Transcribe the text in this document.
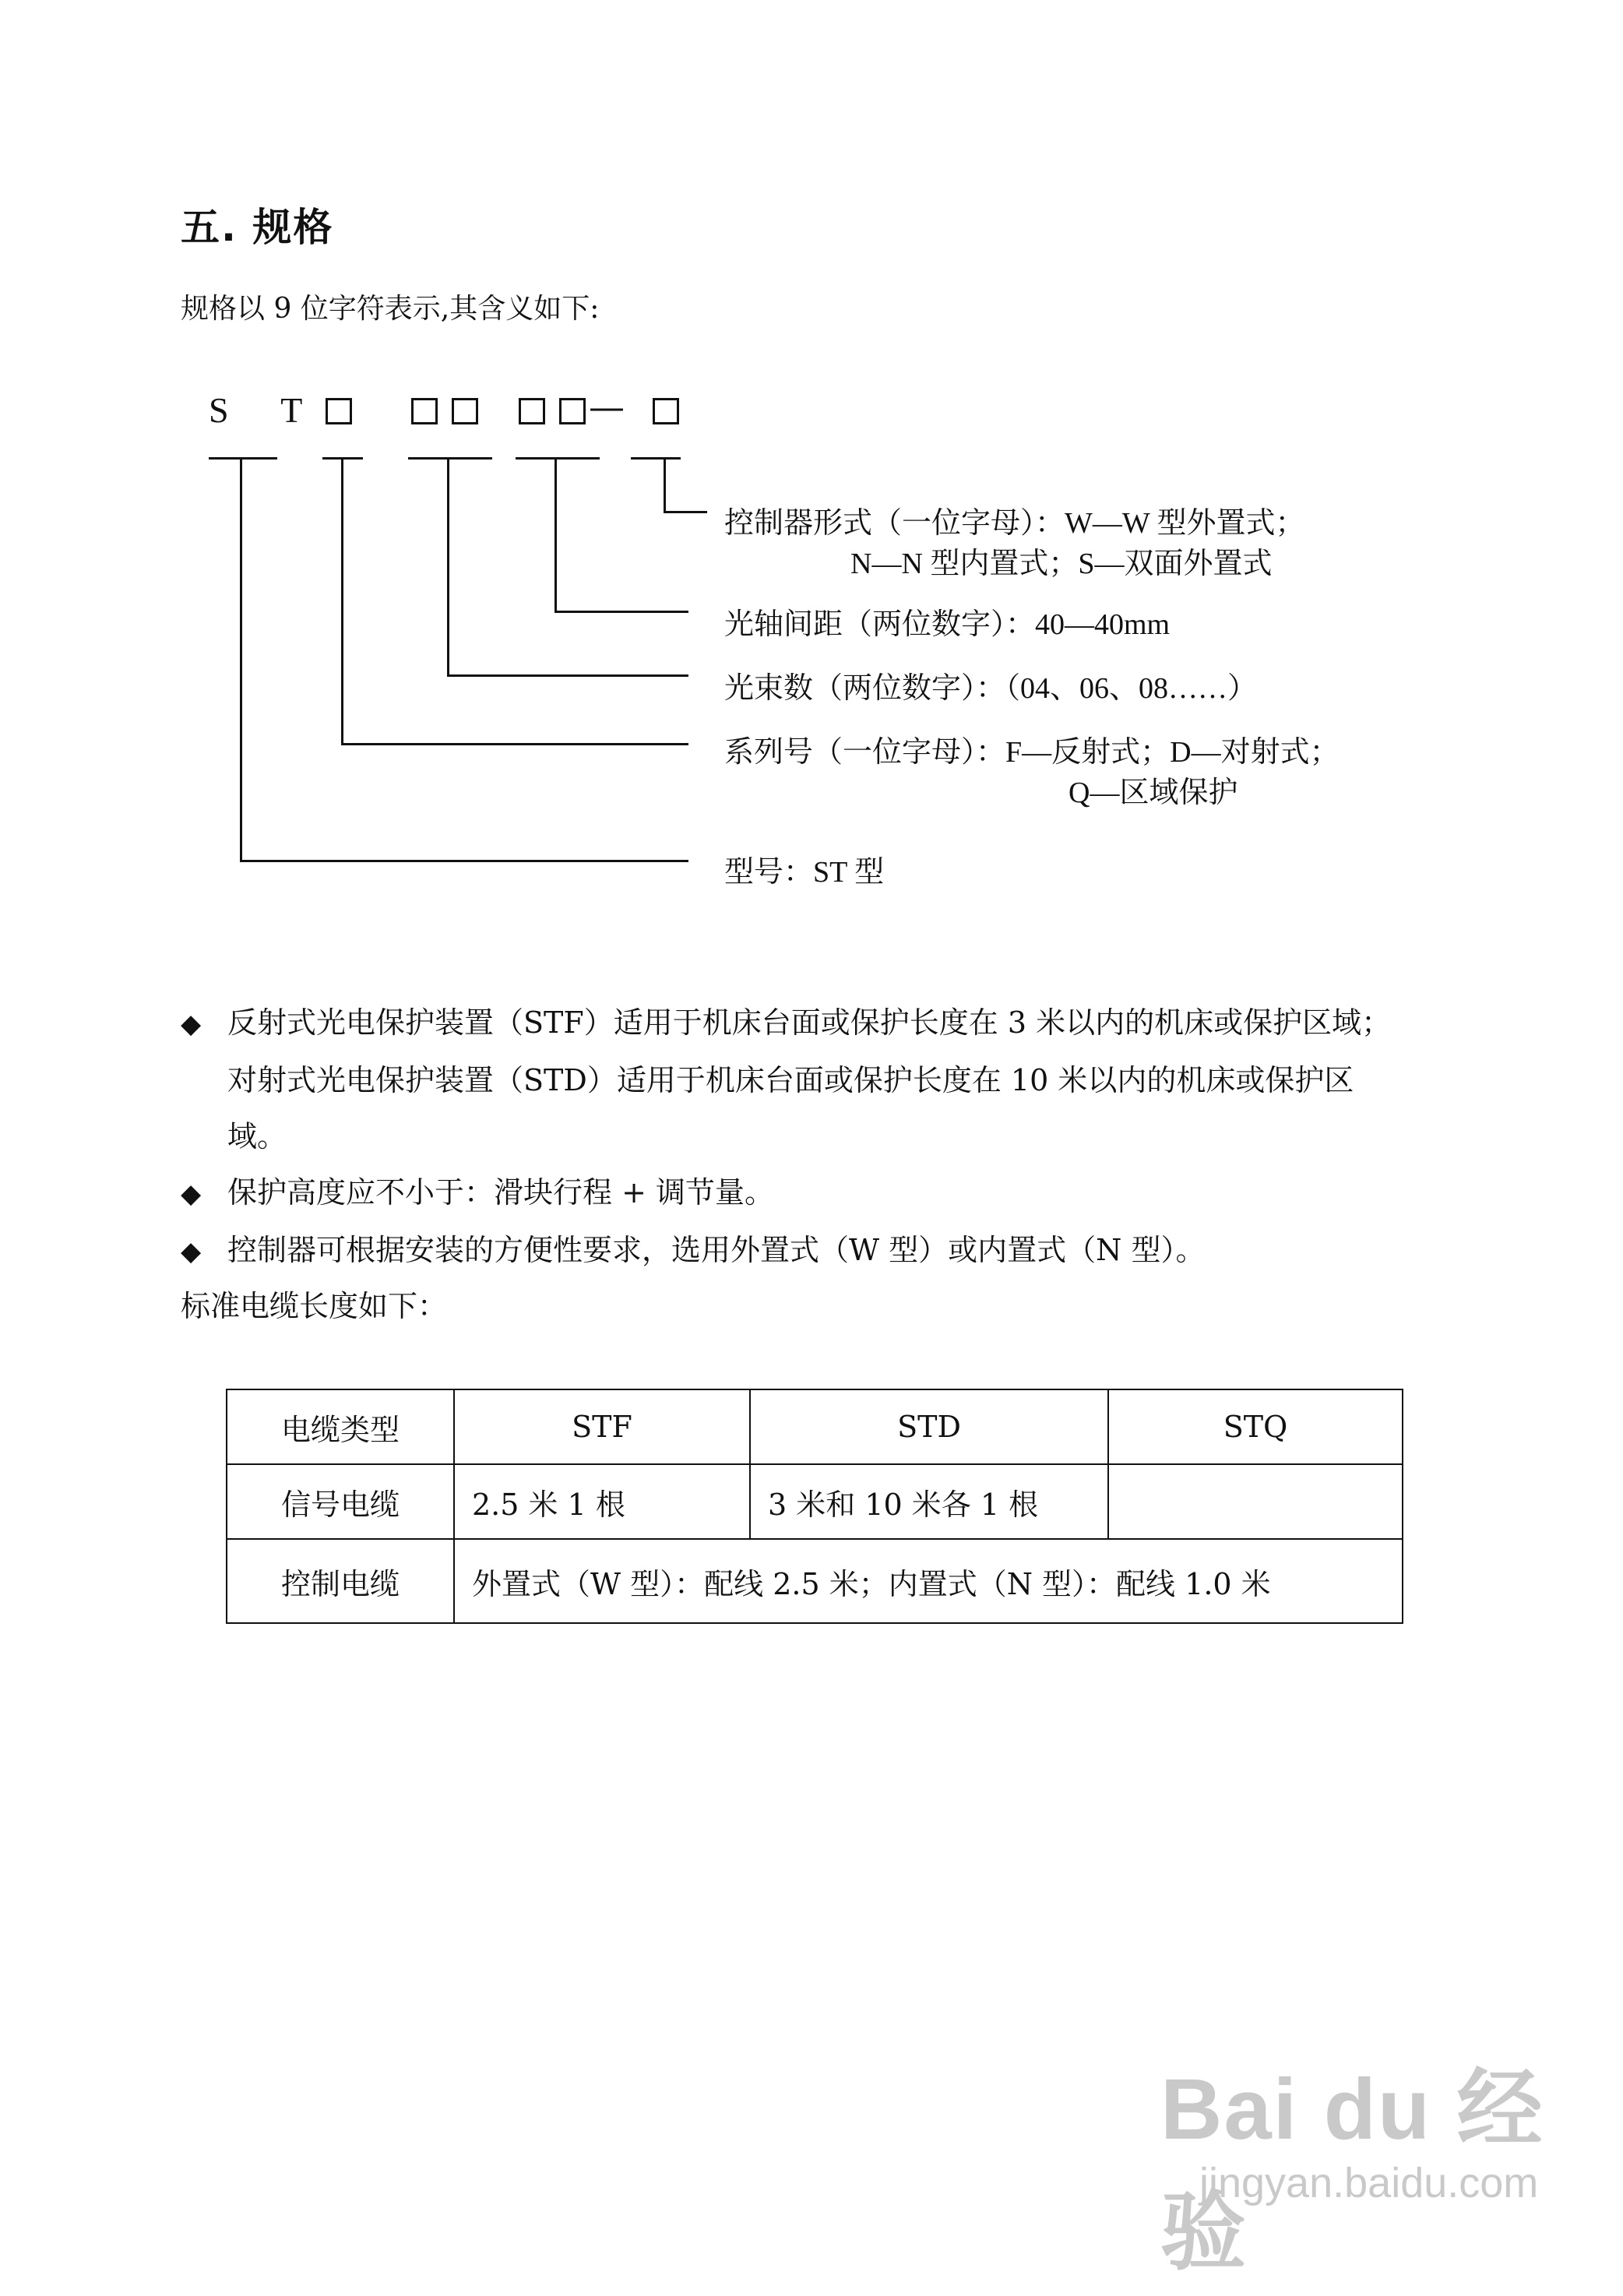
五. 规格
规格以 9 位字符表示,其含义如下:
S T	—
控制器形式（一位字母）：W—W 型外置式；
N—N 型内置式；S—双面外置式
光轴间距（两位数字）：40—40mm
光束数（两位数字）：（04、06、08……）
系列号（一位字母）：F—反射式；D—对射式；
Q—区域保护
型号：ST 型
◆ 反射式光电保护装置（STF）适用于机床台面或保护长度在 3 米以内的机床或保护区域；
对射式光电保护装置（STD）适用于机床台面或保护长度在 10 米以内的机床或保护区
域。
◆ 保护高度应不小于：滑块行程 + 调节量。
◆ 控制器可根据安装的方便性要求，选用外置式（W 型）或内置式（N 型）。
标准电缆长度如下：
电缆类型	STF	STD	STQ
信号电缆	2.5 米 1 根	3 米和 10 米各 1 根	
控制电缆	外置式（W 型）：配线 2.5 米；内置式（N 型）：配线 1.0 米		
Bai du 经验
jingyan.baidu.com
